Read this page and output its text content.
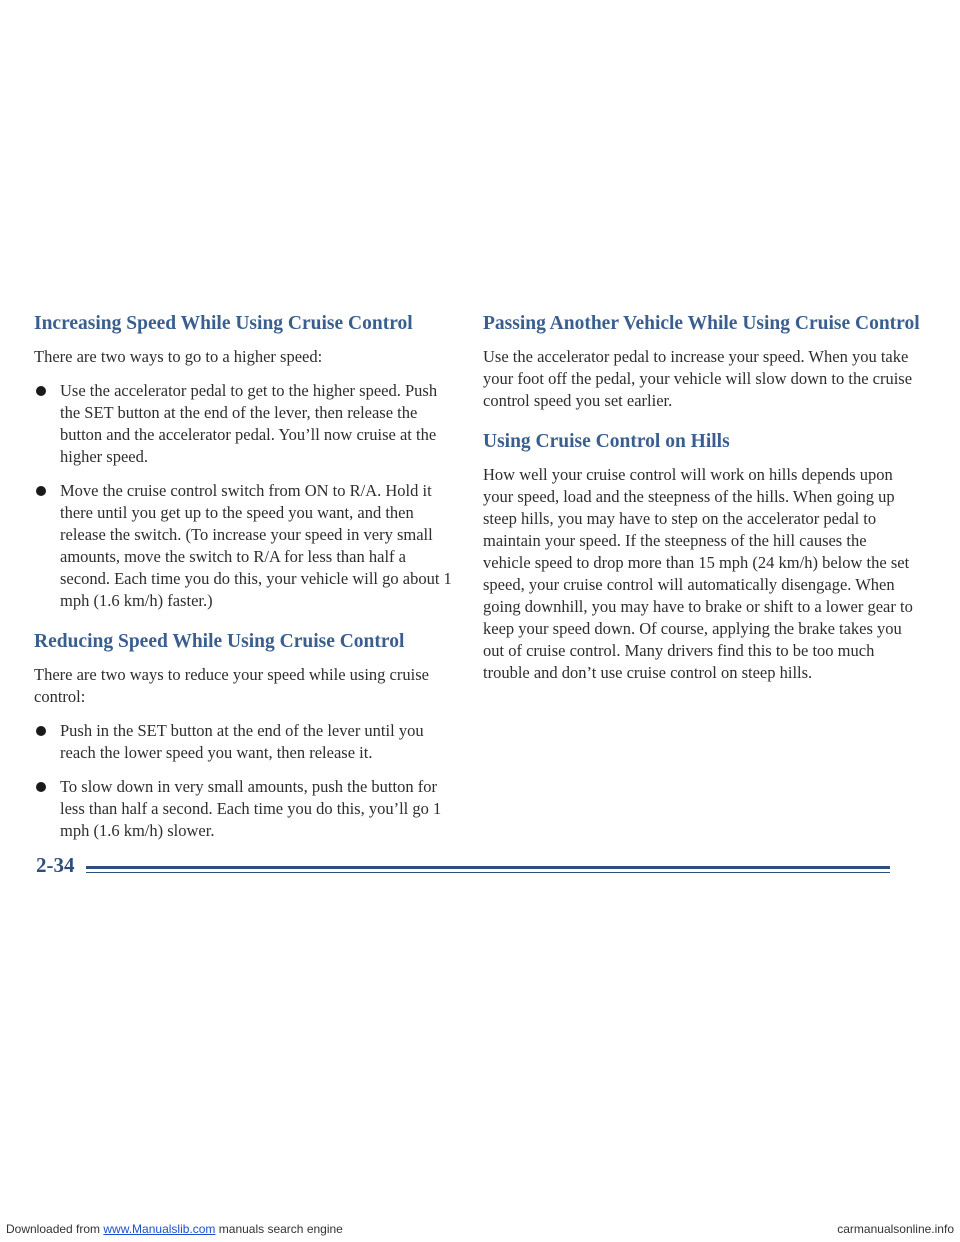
Increasing Speed While Using Cruise Control

There are two ways to go to a higher speed:

Use the accelerator pedal to get to the higher speed. Push the SET button at the end of the lever, then release the button and the accelerator pedal. You’ll now cruise at the higher speed.
Move the cruise control switch from ON to R/A. Hold it there until you get up to the speed you want, and then release the switch. (To increase your speed in very small amounts, move the switch to R/A for less than half a second. Each time you do this, your vehicle will go about 1 mph (1.6 km/h) faster.)
Reducing Speed While Using Cruise Control

There are two ways to reduce your speed while using cruise control:

Push in the SET button at the end of the lever until you reach the lower speed you want, then release it.
To slow down in very small amounts, push the button for less than half a second. Each time you do this, you’ll go 1 mph (1.6 km/h) slower.
Passing Another Vehicle While Using Cruise Control

Use the accelerator pedal to increase your speed. When you take your foot off the pedal, your vehicle will slow down to the cruise control speed you set earlier.

Using Cruise Control on Hills

How well your cruise control will work on hills depends upon your speed, load and the steepness of the hills. When going up steep hills, you may have to step on the accelerator pedal to maintain your speed. If the steepness of the hill causes the vehicle speed to drop more than 15 mph (24 km/h) below the set speed, your cruise control will automatically disengage. When going downhill, you may have to brake or shift to a lower gear to keep your speed down. Of course, applying the brake takes you out of cruise control. Many drivers find this to be too much trouble and don’t use cruise control on steep hills.

2-34
Downloaded from www.Manualslib.com manuals search engine	carmanualsonline.info
